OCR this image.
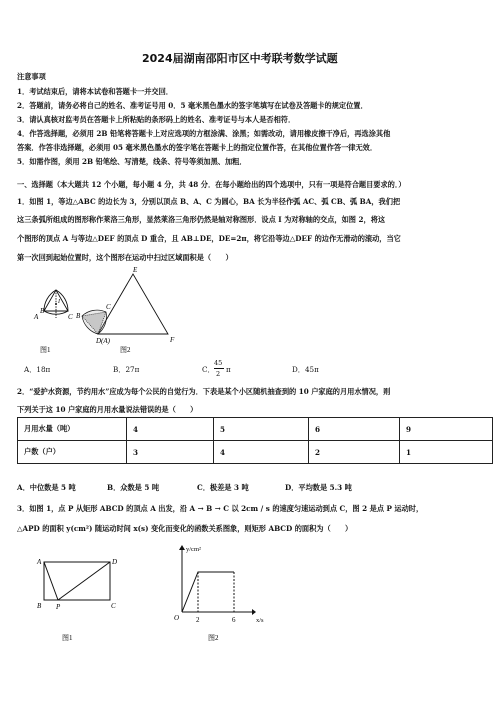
2024届湖南邵阳市区中考联考数学试题
注意事项
1．考试结束后，请将本试卷和答题卡一并交回．
2．答题前，请务必将自己的姓名、准考证号用 0．5 毫米黑色墨水的签字笔填写在试卷及答题卡的规定位置．
3．请认真核对监考员在答题卡上所粘贴的条形码上的姓名、准考证号与本人是否相符．
4．作答选择题，必须用 2B 铅笔将答题卡上对应选项的方框涂满、涂黑；如需改动，请用橡皮擦干净后，再选涂其他
答案．作答非选择题，必须用 05 毫米黑色墨水的签字笔在答题卡上的指定位置作答，在其他位置作答一律无效．
5．如需作图，须用 2B 铅笔绘、写清楚，线条、符号等须加黑、加粗．
一、选择题（本大题共 12 个小题，每小题 4 分，共 48 分．在每小题给出的四个选项中，只有一项是符合题目要求的．）
1．如图 1，等边△ABC 的边长为 3，分别以顶点 B、A、C 为圆心，BA 长为半径作弧 AC、弧 CB、弧 BA，我们把
这三条弧所组成的图形称作莱洛三角形，显然莱洛三角形仍然是轴对称图形．设点 I 为对称轴的交点，如图 2，将这
个图形的顶点 A 与等边△DEF 的顶点 D 重合，且 AB⊥DE，DE=2π，将它沿等边△DEF 的边作无滑动的滚动，当它
第一次回到起始位置时，这个图形在运动中扫过区域面积是（　　）
B
I
A	C
C
B
D(A)
E
F
图1	图2
A．18π	B．27π	C．
45
2 π	D．45π
2．“爱护水资源，节约用水”应成为每个公民的自觉行为．下表是某个小区随机抽查到的 10 户家庭的月用水情况，则
下列关于这 10 户家庭的月用水量说法错误的是（　　）
月用水量（吨）	4	5	6	9
户数（户）	3	4	2	1
A．中位数是 5 吨	B．众数是 5 吨	C．极差是 3 吨	D．平均数是 5.3 吨
3．如图 1，点 P 从矩形 ABCD 的顶点 A 出发，沿 A → B → C 以 2cm / s 的速度匀速运动到点 C，图 2 是点 P 运动时，
△APD 的面积 y(cm²) 随运动时间 x(s) 变化而变化的函数关系图象，则矩形 ABCD 的面积为（　　）
A	D
B P	C
y/cm²
O 2	6	x/s
图1	图2
